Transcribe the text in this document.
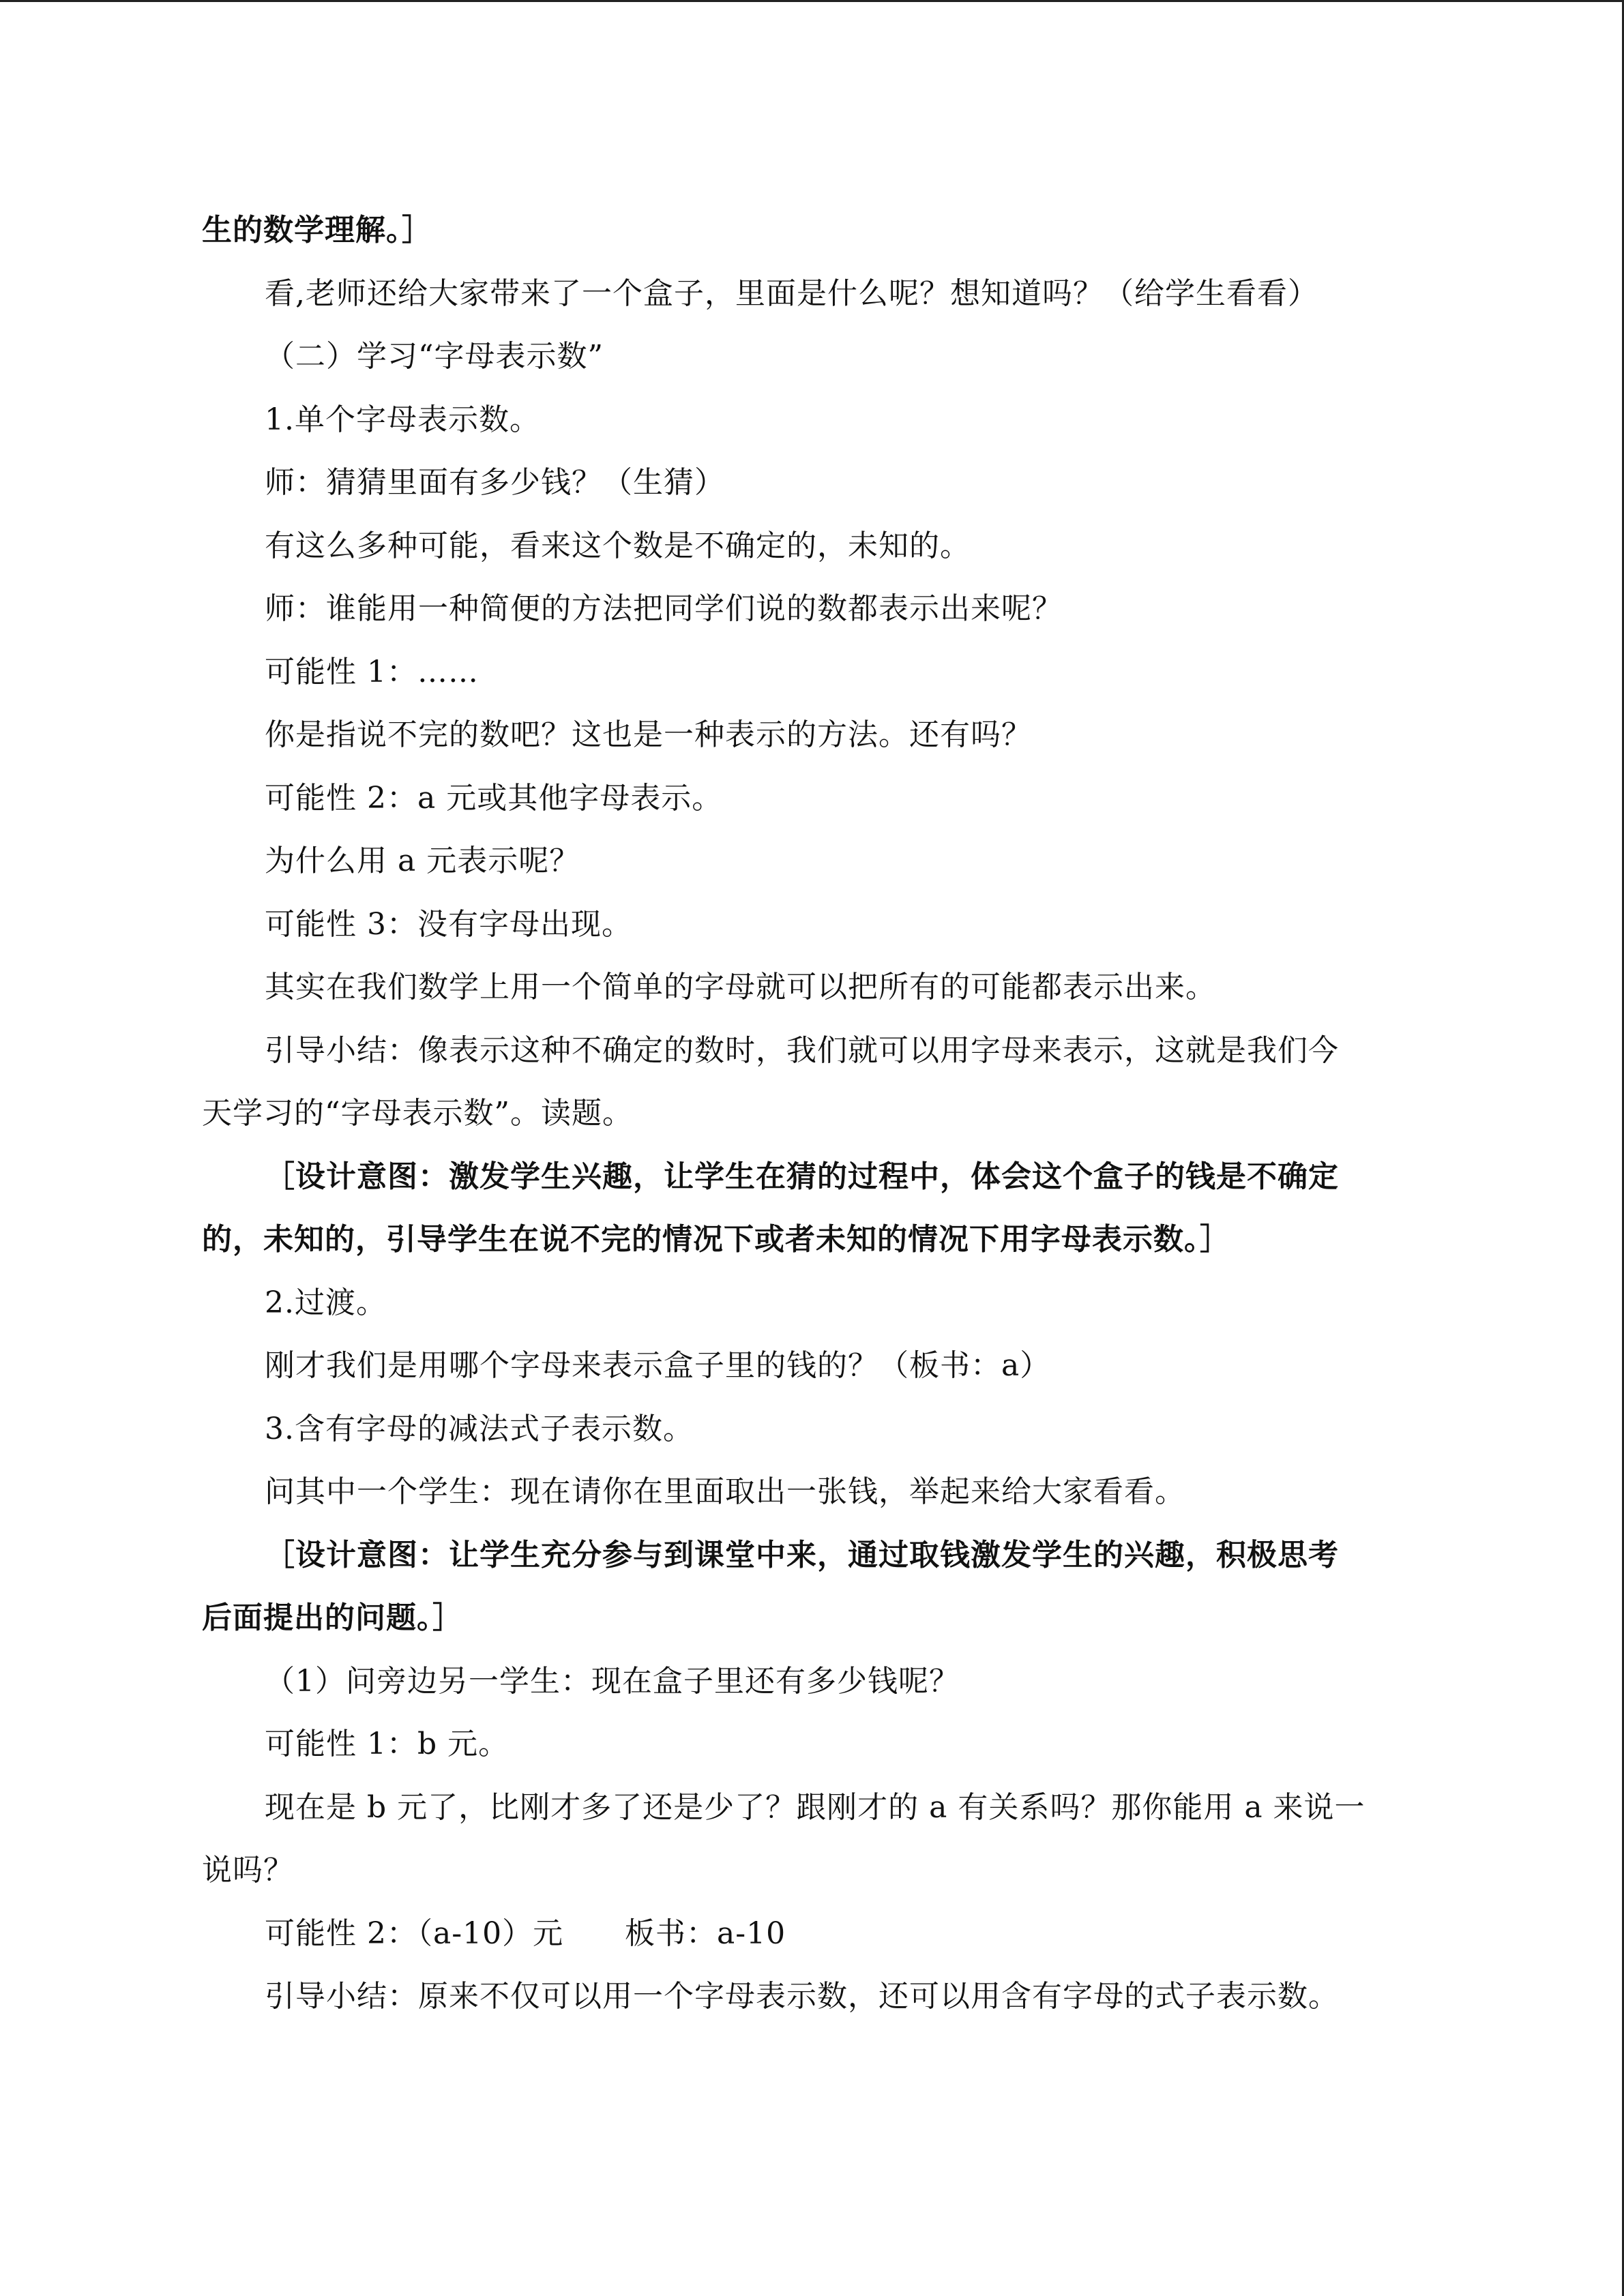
生的数学理解。］
看,老师还给大家带来了一个盒子，里面是什么呢？想知道吗？（给学生看看）
（二）学习“字母表示数”
1.单个字母表示数。
师：猜猜里面有多少钱？（生猜）
有这么多种可能，看来这个数是不确定的，未知的。
师：谁能用一种简便的方法把同学们说的数都表示出来呢？
可能性 1：……
你是指说不完的数吧？这也是一种表示的方法。还有吗？
可能性 2：a 元或其他字母表示。
为什么用 a 元表示呢？
可能性 3：没有字母出现。
其实在我们数学上用一个简单的字母就可以把所有的可能都表示出来。
引导小结：像表示这种不确定的数时，我们就可以用字母来表示，这就是我们今
天学习的“字母表示数”。读题。
［设计意图：激发学生兴趣，让学生在猜的过程中，体会这个盒子的钱是不确定
的，未知的，引导学生在说不完的情况下或者未知的情况下用字母表示数。］
2.过渡。
刚才我们是用哪个字母来表示盒子里的钱的？（板书：a）
3.含有字母的减法式子表示数。
问其中一个学生：现在请你在里面取出一张钱，举起来给大家看看。
［设计意图：让学生充分参与到课堂中来，通过取钱激发学生的兴趣，积极思考
后面提出的问题。］
（1）问旁边另一学生：现在盒子里还有多少钱呢？
可能性 1：b 元。
现在是 b 元了，比刚才多了还是少了？跟刚才的 a 有关系吗？那你能用 a 来说一
说吗？
可能性 2：（a-10）元      板书：a-10
引导小结：原来不仅可以用一个字母表示数，还可以用含有字母的式子表示数。
